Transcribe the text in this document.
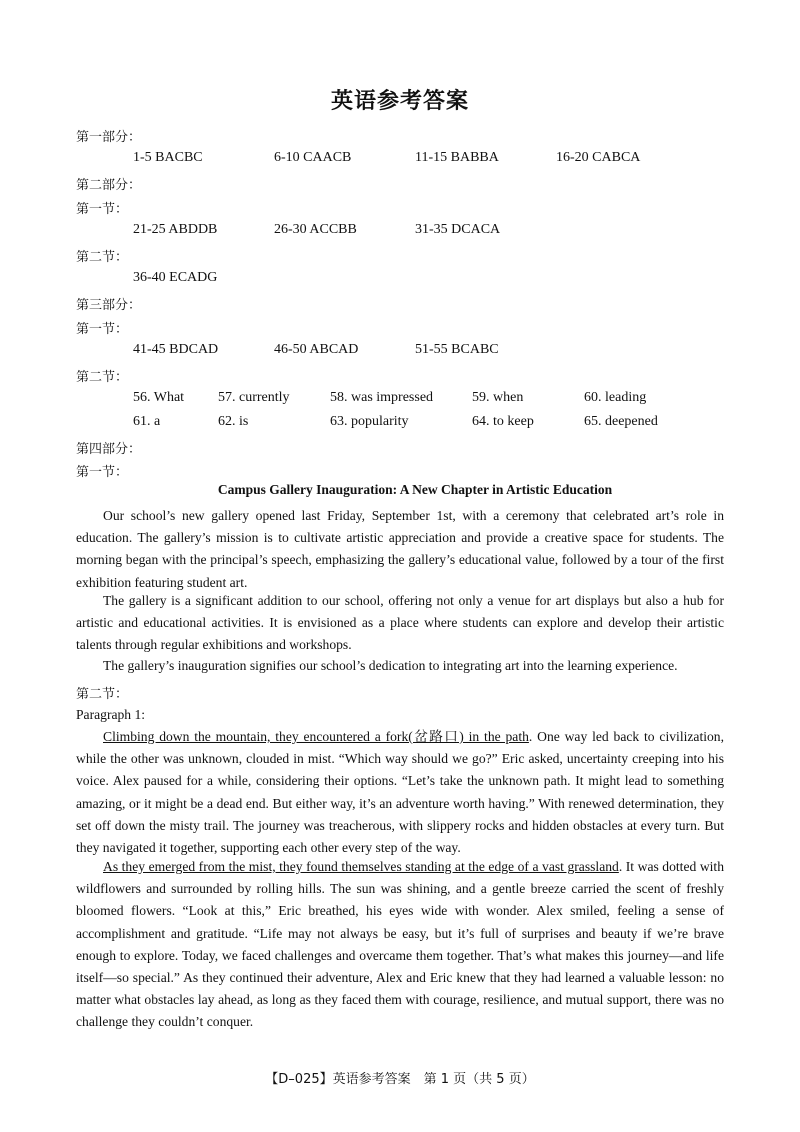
英语参考答案
第一部分：
1-5 BACBC	6-10 CAACB	11-15 BABBA	16-20 CABCA
第二部分：
第一节：
21-25 ABDDB	26-30 ACCBB	31-35 DCACA
第二节：
36-40 ECADG
第三部分：
第一节：
41-45 BDCAD	46-50 ABCAD	51-55 BCABC
第二节：
56. What 57. currently	58. was impressed	59. when	60. leading
61. a	62. is	63. popularity	64. to keep	65. deepened
第四部分：
第一节：
Campus Gallery Inauguration: A New Chapter in Artistic Education

Our school’s new gallery opened last Friday, September 1st, with a ceremony that celebrated art’s role in education. The gallery’s mission is to cultivate artistic appreciation and provide a creative space for students. The morning began with the principal’s speech, emphasizing the gallery’s educational value, followed by a tour of the first exhibition featuring student art.

The gallery is a significant addition to our school, offering not only a venue for art displays but also a hub for artistic and educational activities. It is envisioned as a place where students can explore and develop their artistic talents through regular exhibitions and workshops.

The gallery’s inauguration signifies our school’s dedication to integrating art into the learning experience.

第二节：
Paragraph 1:

Climbing down the mountain, they encountered a fork(岔路口) in the path. One way led back to civilization, while the other was unknown, clouded in mist. “Which way should we go?” Eric asked, uncertainty creeping into his voice. Alex paused for a while, considering their options. “Let’s take the unknown path. It might lead to something amazing, or it might be a dead end. But either way, it’s an adventure worth having.” With renewed determination, they set off down the misty trail. The journey was treacherous, with slippery rocks and hidden obstacles at every turn. But they navigated it together, supporting each other every step of the way.

As they emerged from the mist, they found themselves standing at the edge of a vast grassland. It was dotted with wildflowers and surrounded by rolling hills. The sun was shining, and a gentle breeze carried the scent of freshly bloomed flowers. “Look at this,” Eric breathed, his eyes wide with wonder. Alex smiled, feeling a sense of accomplishment and gratitude. “Life may not always be easy, but it’s full of surprises and beauty if we’re brave enough to explore. Today, we faced challenges and overcame them together. That’s what makes this journey—and life itself—so special.” As they continued their adventure, Alex and Eric knew that they had learned a valuable lesson: no matter what obstacles lay ahead, as long as they faced them with courage, resilience, and mutual support, there was no challenge they couldn’t conquer.

【D–025】英语参考答案　第 1 页（共 5 页）
